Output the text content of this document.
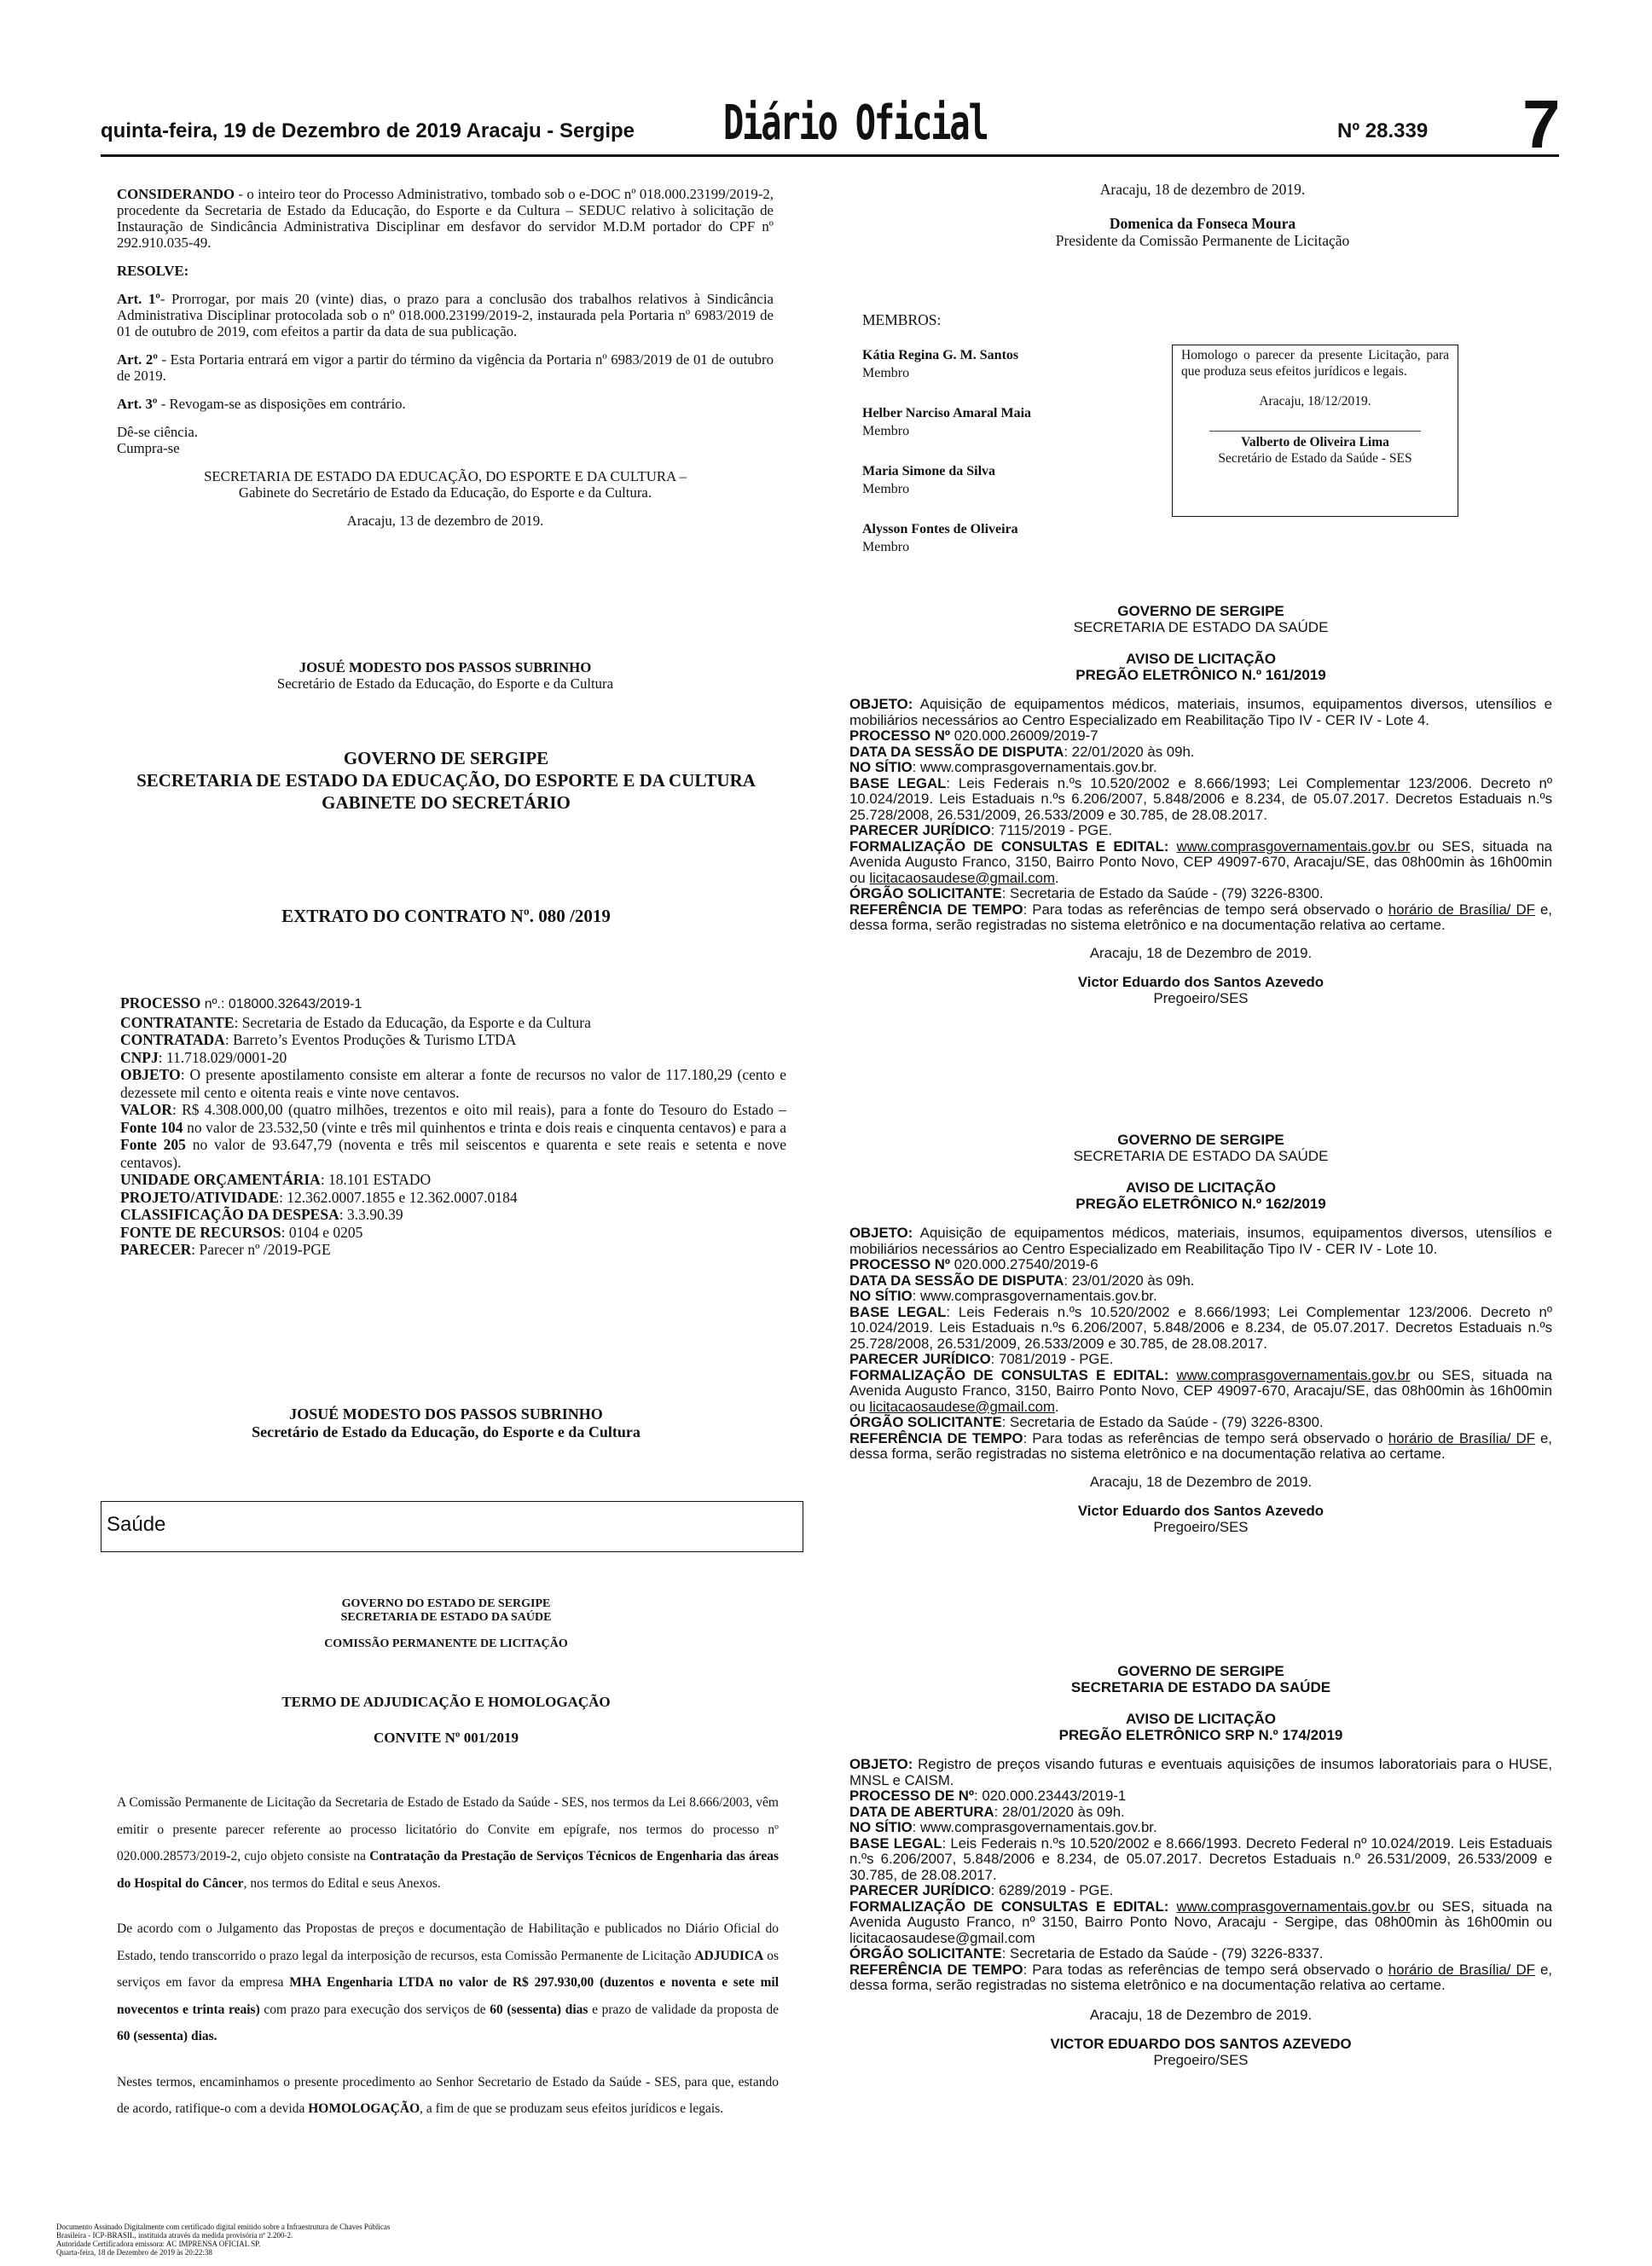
quinta-feira, 19 de Dezembro de 2019 Aracaju - Sergipe Diário Oficial	Nº 28.339 7

CONSIDERANDO - o inteiro teor do Processo Administrativo, tombado sob o e-DOC nº 018.000.23199/2019-2, procedente da Secretaria de Estado da Educação, do Esporte e da Cultura – SEDUC relativo à solicitação de Instauração de Sindicância Administrativa Disciplinar em desfavor do servidor M.D.M portador do CPF nº 292.910.035-49.

RESOLVE:

Art. 1º- Prorrogar, por mais 20 (vinte) dias, o prazo para a conclusão dos trabalhos relativos à Sindicância Administrativa Disciplinar protocolada sob o nº 018.000.23199/2019-2, instaurada pela Portaria nº 6983/2019 de 01 de outubro de 2019, com efeitos a partir da data de sua publicação.

Art. 2º - Esta Portaria entrará em vigor a partir do término da vigência da Portaria nº 6983/2019 de 01 de outubro de 2019.

Art. 3º - Revogam-se as disposições em contrário.

Dê-se ciência.

Cumpra-se

SECRETARIA DE ESTADO DA EDUCAÇÃO, DO ESPORTE E DA CULTURA –

Gabinete do Secretário de Estado da Educação, do Esporte e da Cultura.

Aracaju, 13 de dezembro de 2019.

JOSUÉ MODESTO DOS PASSOS SUBRINHO

Secretário de Estado da Educação, do Esporte e da Cultura

GOVERNO DE SERGIPE

SECRETARIA DE ESTADO DA EDUCAÇÃO, DO ESPORTE E DA CULTURA

GABINETE DO SECRETÁRIO

EXTRATO DO CONTRATO Nº. 080 /2019

PROCESSO nº.: 018000.32643/2019-1

CONTRATANTE: Secretaria de Estado da Educação, da Esporte e da Cultura

CONTRATADA: Barreto’s Eventos Produções & Turismo LTDA

CNPJ: 11.718.029/0001-20

OBJETO: O presente apostilamento consiste em alterar a fonte de recursos no valor de 117.180,29 (cento e dezessete mil cento e oitenta reais e vinte nove centavos.

VALOR: R$ 4.308.000,00 (quatro milhões, trezentos e oito mil reais), para a fonte do Tesouro do Estado – Fonte 104 no valor de 23.532,50 (vinte e três mil quinhentos e trinta e dois reais e cinquenta centavos) e para a Fonte 205 no valor de 93.647,79 (noventa e três mil seiscentos e quarenta e sete reais e setenta e nove centavos).

UNIDADE ORÇAMENTÁRIA: 18.101 ESTADO

PROJETO/ATIVIDADE: 12.362.0007.1855 e 12.362.0007.0184

CLASSIFICAÇÃO DA DESPESA: 3.3.90.39

FONTE DE RECURSOS: 0104 e 0205

PARECER: Parecer nº /2019-PGE

JOSUÉ MODESTO DOS PASSOS SUBRINHO

Secretário de Estado da Educação, do Esporte e da Cultura

Saúde

GOVERNO DO ESTADO DE SERGIPE

SECRETARIA DE ESTADO DA SAÚDE

COMISSÃO PERMANENTE DE LICITAÇÃO

TERMO DE ADJUDICAÇÃO E HOMOLOGAÇÃO

CONVITE Nº 001/2019

A Comissão Permanente de Licitação da Secretaria de Estado de Estado da Saúde - SES, nos termos da Lei 8.666/2003, vêm emitir o presente parecer referente ao processo licitatório do Convite em epígrafe, nos termos do processo nº 020.000.28573/2019-2, cujo objeto consiste na Contratação da Prestação de Serviços Técnicos de Engenharia das áreas do Hospital do Câncer, nos termos do Edital e seus Anexos.

De acordo com o Julgamento das Propostas de preços e documentação de Habilitação e publicados no Diário Oficial do Estado, tendo transcorrido o prazo legal da interposição de recursos, esta Comissão Permanente de Licitação ADJUDICA os serviços em favor da empresa MHA Engenharia LTDA no valor de R$ 297.930,00 (duzentos e noventa e sete mil novecentos e trinta reais) com prazo para execução dos serviços de 60 (sessenta) dias e prazo de validade da proposta de 60 (sessenta) dias.

Nestes termos, encaminhamos o presente procedimento ao Senhor Secretario de Estado da Saúde - SES, para que, estando de acordo, ratifique-o com a devida HOMOLOGAÇÃO, a fim de que se produzam seus efeitos jurídicos e legais.

Aracaju, 18 de dezembro de 2019.

Domenica da Fonseca Moura

Presidente da Comissão Permanente de Licitação

MEMBROS:

Kátia Regina G. M. Santos

Membro

Helber Narciso Amaral Maia

Membro

Maria Simone da Silva

Membro

Alysson Fontes de Oliveira

Membro

Homologo o parecer da presente Licitação, para que produza seus efeitos jurídicos e legais.

Aracaju, 18/12/2019.

________________________________

Valberto de Oliveira Lima

Secretário de Estado da Saúde - SES

GOVERNO DE SERGIPE

SECRETARIA DE ESTADO DA SAÚDE

AVISO DE LICITAÇÃO

PREGÃO ELETRÔNICO N.º 161/2019

OBJETO: Aquisição de equipamentos médicos, materiais, insumos, equipamentos diversos, utensílios e mobiliários necessários ao Centro Especializado em Reabilitação Tipo IV - CER IV - Lote 4.

PROCESSO Nº 020.000.26009/2019-7

DATA DA SESSÃO DE DISPUTA: 22/01/2020 às 09h.

NO SÍTIO: www.comprasgovernamentais.gov.br.

BASE LEGAL: Leis Federais n.ºs 10.520/2002 e 8.666/1993; Lei Complementar 123/2006. Decreto nº 10.024/2019. Leis Estaduais n.ºs 6.206/2007, 5.848/2006 e 8.234, de 05.07.2017. Decretos Estaduais n.ºs 25.728/2008, 26.531/2009, 26.533/2009 e 30.785, de 28.08.2017.

PARECER JURÍDICO: 7115/2019 - PGE.

FORMALIZAÇÃO DE CONSULTAS E EDITAL: www.comprasgovernamentais.gov.br ou SES, situada na Avenida Augusto Franco, 3150, Bairro Ponto Novo, CEP 49097-670, Aracaju/SE, das 08h00min às 16h00min ou licitacaosaudese@gmail.com.

ÓRGÃO SOLICITANTE: Secretaria de Estado da Saúde - (79) 3226-8300.

REFERÊNCIA DE TEMPO: Para todas as referências de tempo será observado o horário de Brasília/ DF e, dessa forma, serão registradas no sistema eletrônico e na documentação relativa ao certame.

Aracaju, 18 de Dezembro de 2019.

Victor Eduardo dos Santos Azevedo

Pregoeiro/SES

GOVERNO DE SERGIPE

SECRETARIA DE ESTADO DA SAÚDE

AVISO DE LICITAÇÃO

PREGÃO ELETRÔNICO N.º 162/2019

OBJETO: Aquisição de equipamentos médicos, materiais, insumos, equipamentos diversos, utensílios e mobiliários necessários ao Centro Especializado em Reabilitação Tipo IV - CER IV - Lote 10.

PROCESSO Nº 020.000.27540/2019-6

DATA DA SESSÃO DE DISPUTA: 23/01/2020 às 09h.

NO SÍTIO: www.comprasgovernamentais.gov.br.

BASE LEGAL: Leis Federais n.ºs 10.520/2002 e 8.666/1993; Lei Complementar 123/2006. Decreto nº 10.024/2019. Leis Estaduais n.ºs 6.206/2007, 5.848/2006 e 8.234, de 05.07.2017. Decretos Estaduais n.ºs 25.728/2008, 26.531/2009, 26.533/2009 e 30.785, de 28.08.2017.

PARECER JURÍDICO: 7081/2019 - PGE.

FORMALIZAÇÃO DE CONSULTAS E EDITAL: www.comprasgovernamentais.gov.br ou SES, situada na Avenida Augusto Franco, 3150, Bairro Ponto Novo, CEP 49097-670, Aracaju/SE, das 08h00min às 16h00min ou licitacaosaudese@gmail.com.

ÓRGÃO SOLICITANTE: Secretaria de Estado da Saúde - (79) 3226-8300.

REFERÊNCIA DE TEMPO: Para todas as referências de tempo será observado o horário de Brasília/ DF e, dessa forma, serão registradas no sistema eletrônico e na documentação relativa ao certame.

Aracaju, 18 de Dezembro de 2019.

Victor Eduardo dos Santos Azevedo

Pregoeiro/SES

GOVERNO DE SERGIPE

SECRETARIA DE ESTADO DA SAÚDE

AVISO DE LICITAÇÃO

PREGÃO ELETRÔNICO SRP N.º 174/2019

OBJETO: Registro de preços visando futuras e eventuais aquisições de insumos laboratoriais para o HUSE, MNSL e CAISM.

PROCESSO DE Nº: 020.000.23443/2019-1

DATA DE ABERTURA: 28/01/2020 às 09h.

NO SÍTIO: www.comprasgovernamentais.gov.br.

BASE LEGAL: Leis Federais n.ºs 10.520/2002 e 8.666/1993. Decreto Federal nº 10.024/2019. Leis Estaduais n.ºs 6.206/2007, 5.848/2006 e 8.234, de 05.07.2017. Decretos Estaduais n.º 26.531/2009, 26.533/2009 e 30.785, de 28.08.2017.

PARECER JURÍDICO: 6289/2019 - PGE.

FORMALIZAÇÃO DE CONSULTAS E EDITAL: www.comprasgovernamentais.gov.br ou SES, situada na Avenida Augusto Franco, nº 3150, Bairro Ponto Novo, Aracaju - Sergipe, das 08h00min às 16h00min ou licitacaosaudese@gmail.com

ÓRGÃO SOLICITANTE: Secretaria de Estado da Saúde - (79) 3226-8337.

REFERÊNCIA DE TEMPO: Para todas as referências de tempo será observado o horário de Brasília/ DF e, dessa forma, serão registradas no sistema eletrônico e na documentação relativa ao certame.

Aracaju, 18 de Dezembro de 2019.

VICTOR EDUARDO DOS SANTOS AZEVEDO

Pregoeiro/SES

Documento Assinado Digitalmente com certificado digital emitido sobre a Infraestrutura de Chaves Públicas

Brasileira - ICP-BRASIL, instituída através da medida provisória nº 2.200-2.

Autoridade Certificadora emissora: AC IMPRENSA OFICIAL SP.

Quarta-feira, 18 de Dezembro de 2019 às 20:22:38
